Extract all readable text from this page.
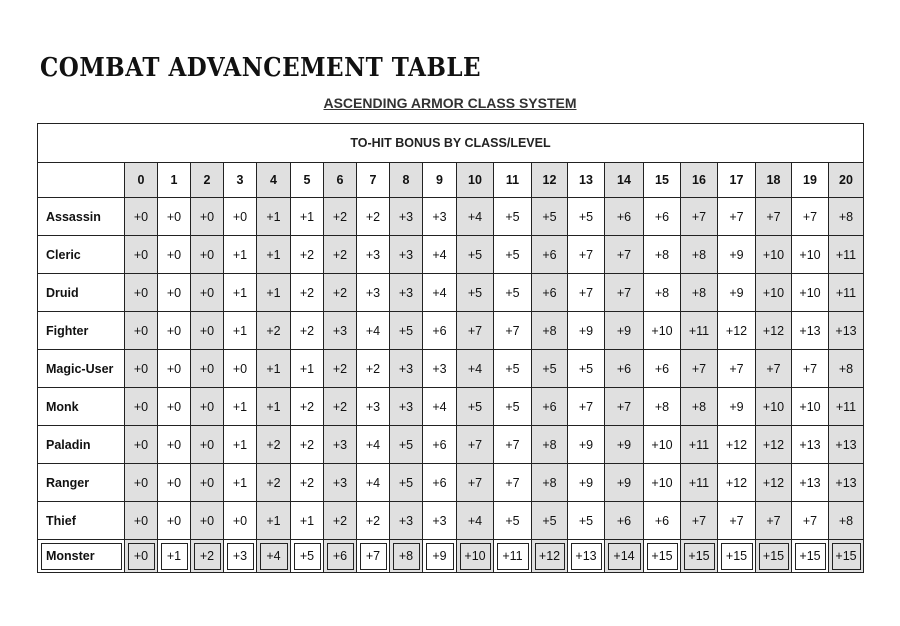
COMBAT ADVANCEMENT TABLE
ASCENDING ARMOR CLASS SYSTEM
TO-HIT BONUS BY CLASS/LEVEL																					
	0	1	2	3	4	5	6	7	8	9	10	11	12	13	14	15	16	17	18	19	20
Assassin	+0	+0	+0	+0	+1	+1	+2	+2	+3	+3	+4	+5	+5	+5	+6	+6	+7	+7	+7	+7	+8
Cleric	+0	+0	+0	+1	+1	+2	+2	+3	+3	+4	+5	+5	+6	+7	+7	+8	+8	+9	+10	+10	+11
Druid	+0	+0	+0	+1	+1	+2	+2	+3	+3	+4	+5	+5	+6	+7	+7	+8	+8	+9	+10	+10	+11
Fighter	+0	+0	+0	+1	+2	+2	+3	+4	+5	+6	+7	+7	+8	+9	+9	+10	+11	+12	+12	+13	+13
Magic-User	+0	+0	+0	+0	+1	+1	+2	+2	+3	+3	+4	+5	+5	+5	+6	+6	+7	+7	+7	+7	+8
Monk	+0	+0	+0	+1	+1	+2	+2	+3	+3	+4	+5	+5	+6	+7	+7	+8	+8	+9	+10	+10	+11
Paladin	+0	+0	+0	+1	+2	+2	+3	+4	+5	+6	+7	+7	+8	+9	+9	+10	+11	+12	+12	+13	+13
Ranger	+0	+0	+0	+1	+2	+2	+3	+4	+5	+6	+7	+7	+8	+9	+9	+10	+11	+12	+12	+13	+13
Thief	+0	+0	+0	+0	+1	+1	+2	+2	+3	+3	+4	+5	+5	+5	+6	+6	+7	+7	+7	+7	+8
Monster	+0	+1	+2	+3	+4	+5	+6	+7	+8	+9	+10	+11	+12	+13	+14	+15	+15	+15	+15	+15	+15
